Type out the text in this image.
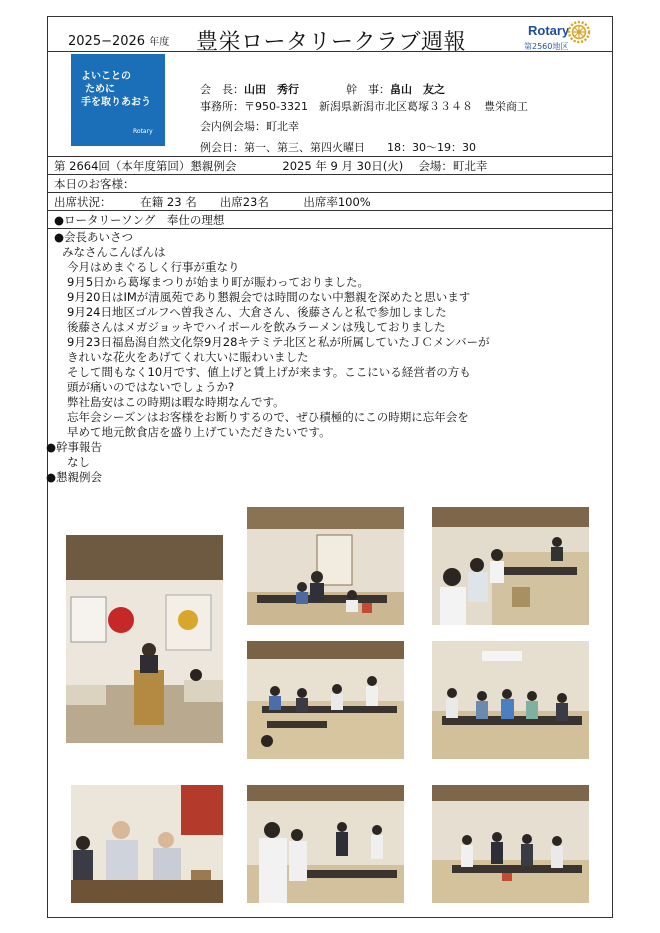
2025−2026 年度 豊栄ロータリークラブ週報	Rotary
第2560地区
よいことの
ために
手を取りあおう
Rotary
会　長：山田　秀行	幹　事：畠山　友之
事務所：〒950-3321　新潟県新潟市北区葛塚３３４８　豊栄商工
会内例会場：町北幸
例会日：第一、第三、第四火曜日　　18：30～19：30
第 2664回（本年度第回）懇親例会　　　　2025 年 9 月 30日(火)　 会場：町北幸
本日のお客様：
出席状況：　　　在籍 23 名　　出席23名　　　出席率100%
●ロータリーソング　奉仕の理想
●会長あいさつ
みなさんこんばんは
今月はめまぐるしく行事が重なり
9月5日から葛塚まつりが始まり町が賑わっておりました。
9月20日はIMが清風苑であり懇親会では時間のない中懇親を深めたと思います
9月24日地区ゴルフへ曽我さん、大倉さん、後藤さんと私で参加しました
後藤さんはメガジョッキでハイボールを飲みラーメンは残しておりました
9月23日福島潟自然文化祭9月28キテミテ北区と私が所属していたＪＣメンバーが
きれいな花火をあげてくれ大いに賑わいました
そして間もなく10月です、値上げと賃上げが来ます。ここにいる経営者の方も
頭が痛いのではないでしょうか?
弊社島安はこの時期は暇な時期なんです。
忘年会シーズンはお客様をお断りするので、ぜひ積極的にこの時期に忘年会を
早めて地元飲食店を盛り上げていただきたいです。
●幹事報告
なし
●懇親例会
